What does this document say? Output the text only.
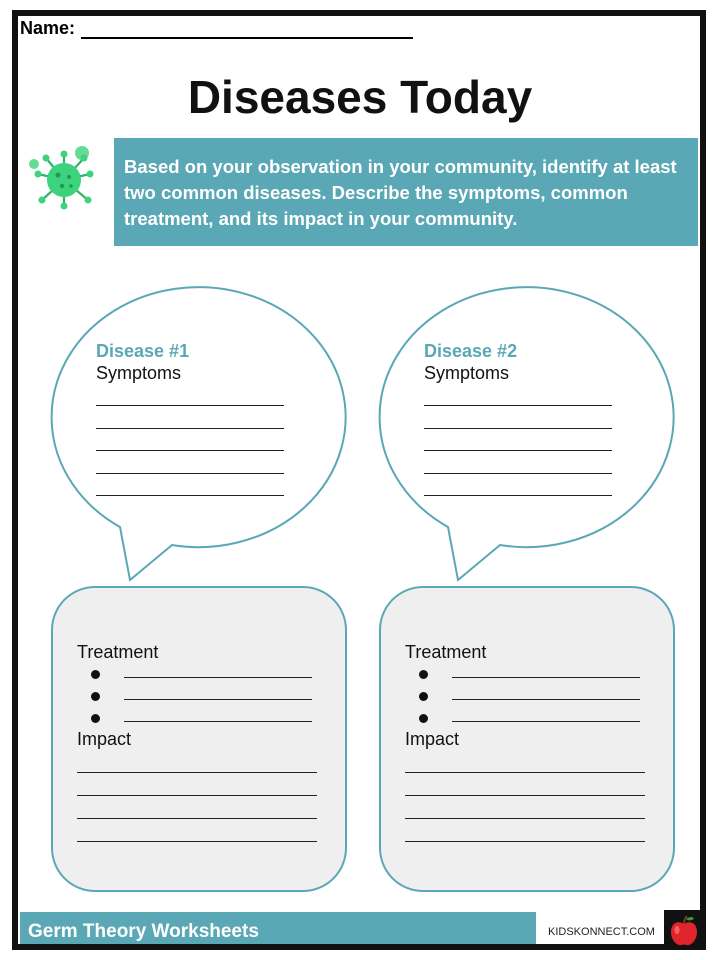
Name:
Diseases Today
Based on your observation in your community, identify at least two common diseases. Describe the symptoms, common treatment, and its impact in your community.
Disease #1
Symptoms
Disease #2
Symptoms
Treatment
Impact
Treatment
Impact
Germ Theory Worksheets	KIDSKONNECT.COM
